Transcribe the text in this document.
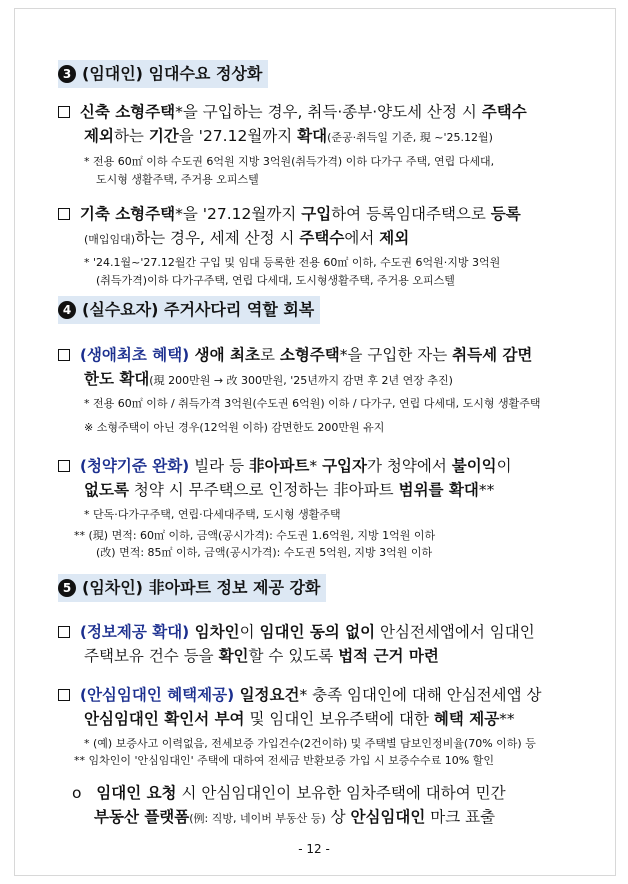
3 (임대인) 임대수요 정상화
신축 소형주택*을 구입하는 경우, 취득·종부·양도세 산정 시 주택수
제외하는 기간을 '27.12월까지 확대(준공·취득일 기준, 現 ~'25.12월)
* 전용 60㎡ 이하 수도권 6억원 지방 3억원(취득가격) 이하 다가구 주택, 연립 다세대,
도시형 생활주택, 주거용 오피스텔
기축 소형주택*을 '27.12월까지 구입하여 등록임대주택으로 등록
(매입임대)하는 경우, 세제 산정 시 주택수에서 제외
* '24.1월~'27.12월간 구입 및 임대 등록한 전용 60㎡ 이하, 수도권 6억원·지방 3억원
(취득가격)이하 다가구주택, 연립 다세대, 도시형생활주택, 주거용 오피스텔
4 (실수요자) 주거사다리 역할 회복
(생애최초 혜택) 생애 최초로 소형주택*을 구입한 자는 취득세 감면
한도 확대(現 200만원 → 改 300만원, '25년까지 감면 후 2년 연장 추진)
* 전용 60㎡ 이하 / 취득가격 3억원(수도권 6억원) 이하 / 다가구, 연립 다세대, 도시형 생활주택
※ 소형주택이 아닌 경우(12억원 이하) 감면한도 200만원 유지
(청약기준 완화) 빌라 등 非아파트* 구입자가 청약에서 불이익이
없도록 청약 시 무주택으로 인정하는 非아파트 범위를 확대**
* 단독·다가구주택, 연립·다세대주택, 도시형 생활주택
** (現) 면적: 60㎡ 이하, 금액(공시가격): 수도권 1.6억원, 지방 1억원 이하
(改) 면적: 85㎡ 이하, 금액(공시가격): 수도권 5억원, 지방 3억원 이하
5 (임차인) 非아파트 정보 제공 강화
(정보제공 확대) 임차인이 임대인 동의 없이 안심전세앱에서 임대인
주택보유 건수 등을 확인할 수 있도록 법적 근거 마련
(안심임대인 혜택제공) 일정요건* 충족 임대인에 대해 안심전세앱 상
안심임대인 확인서 부여 및 임대인 보유주택에 대한 혜택 제공**
* (예) 보증사고 이력없음, 전세보증 가입건수(2건이하) 및 주택별 담보인정비율(70% 이하) 등
** 임차인이 '안심임대인' 주택에 대하여 전세금 반환보증 가입 시 보증수수료 10% 할인
o 임대인 요청 시 안심임대인이 보유한 임차주택에 대하여 민간
부동산 플랫폼(例: 직방, 네이버 부동산 등) 상 안심임대인 마크 표출
- 12 -
